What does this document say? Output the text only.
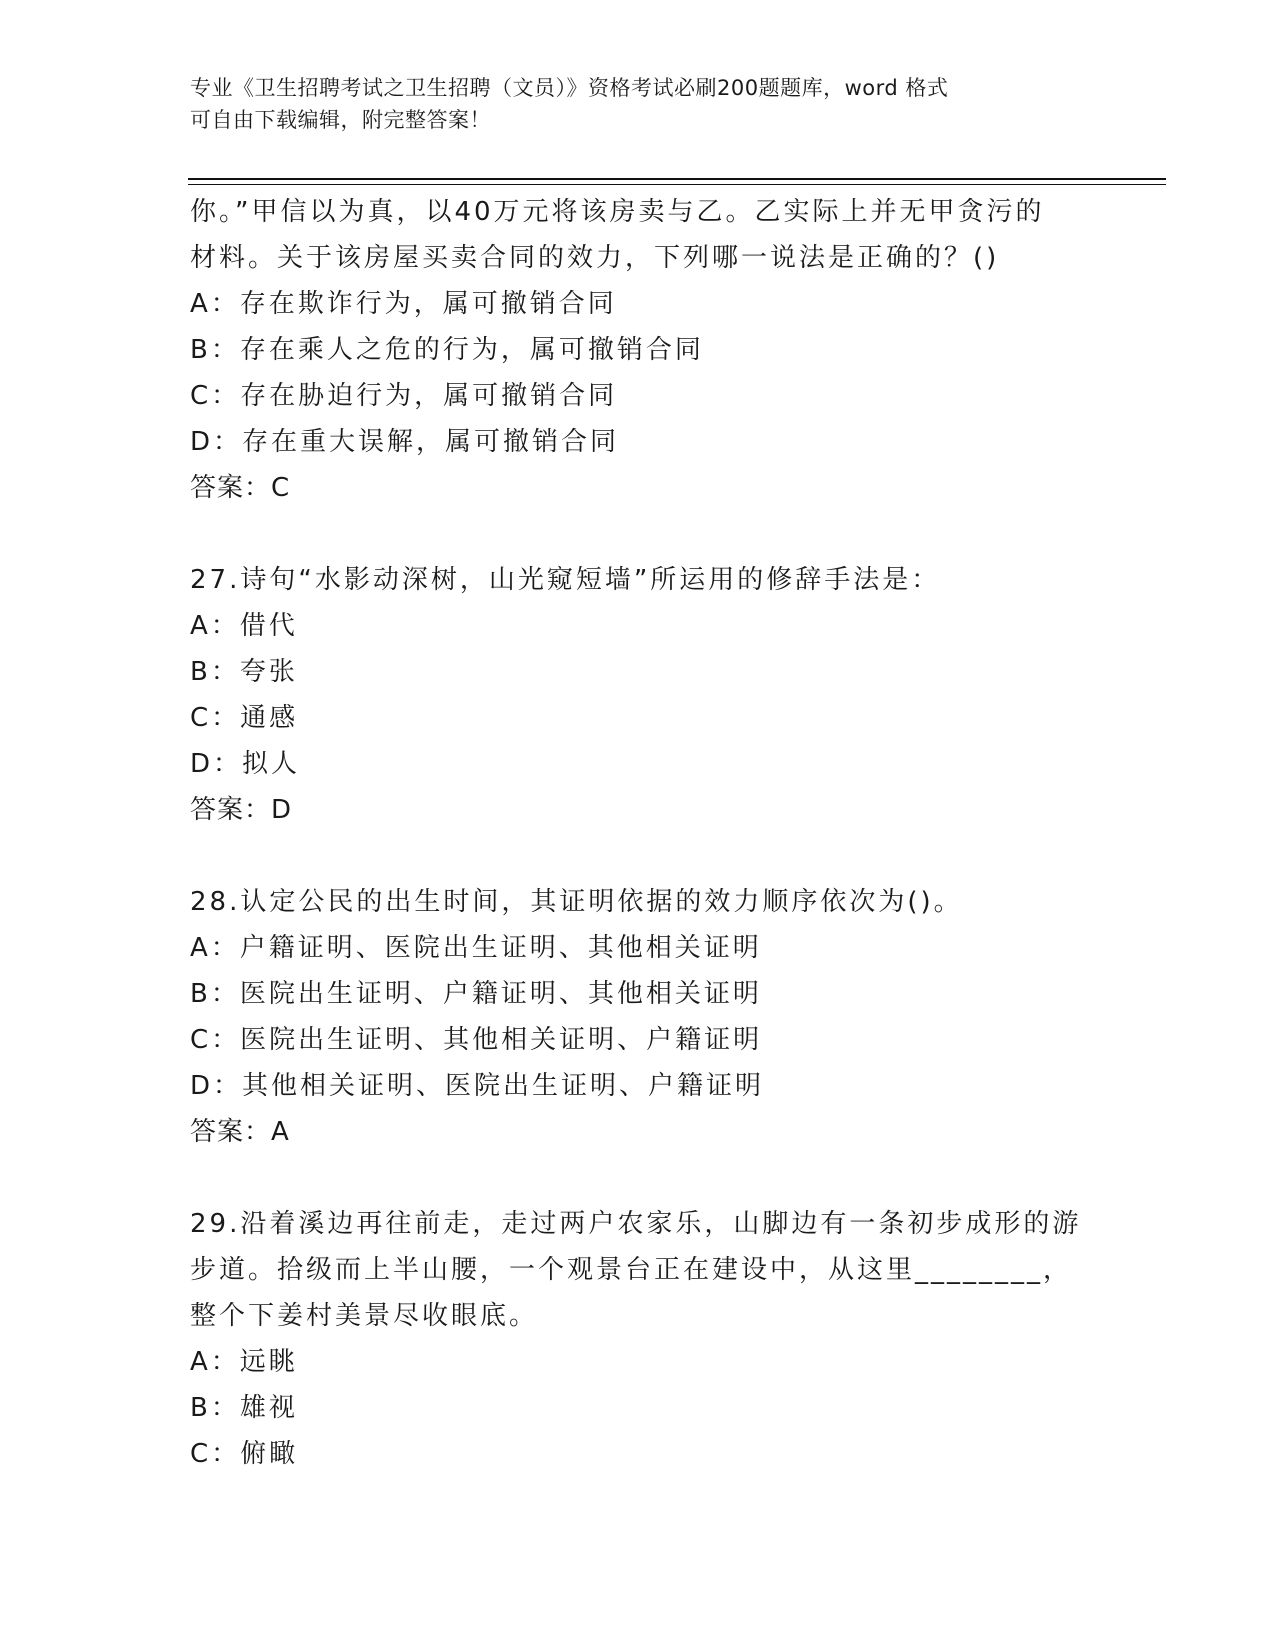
专业《卫生招聘考试之卫生招聘（文员）》资格考试必刷200题题库，word 格式
可自由下载编辑，附完整答案！
你。”甲信以为真，以40万元将该房卖与乙。乙实际上并无甲贪污的
材料。关于该房屋买卖合同的效力，下列哪一说法是正确的？()
A：存在欺诈行为，属可撤销合同
B：存在乘人之危的行为，属可撤销合同
C：存在胁迫行为，属可撤销合同
D：存在重大误解，属可撤销合同
答案：C
27.诗句“水影动深树，山光窥短墙”所运用的修辞手法是：
A：借代
B：夸张
C：通感
D：拟人
答案：D
28.认定公民的出生时间，其证明依据的效力顺序依次为()。
A：户籍证明、医院出生证明、其他相关证明
B：医院出生证明、户籍证明、其他相关证明
C：医院出生证明、其他相关证明、户籍证明
D：其他相关证明、医院出生证明、户籍证明
答案：A
29.沿着溪边再往前走，走过两户农家乐，山脚边有一条初步成形的游
步道。拾级而上半山腰，一个观景台正在建设中，从这里________，
整个下姜村美景尽收眼底。
A：远眺
B：雄视
C：俯瞰
